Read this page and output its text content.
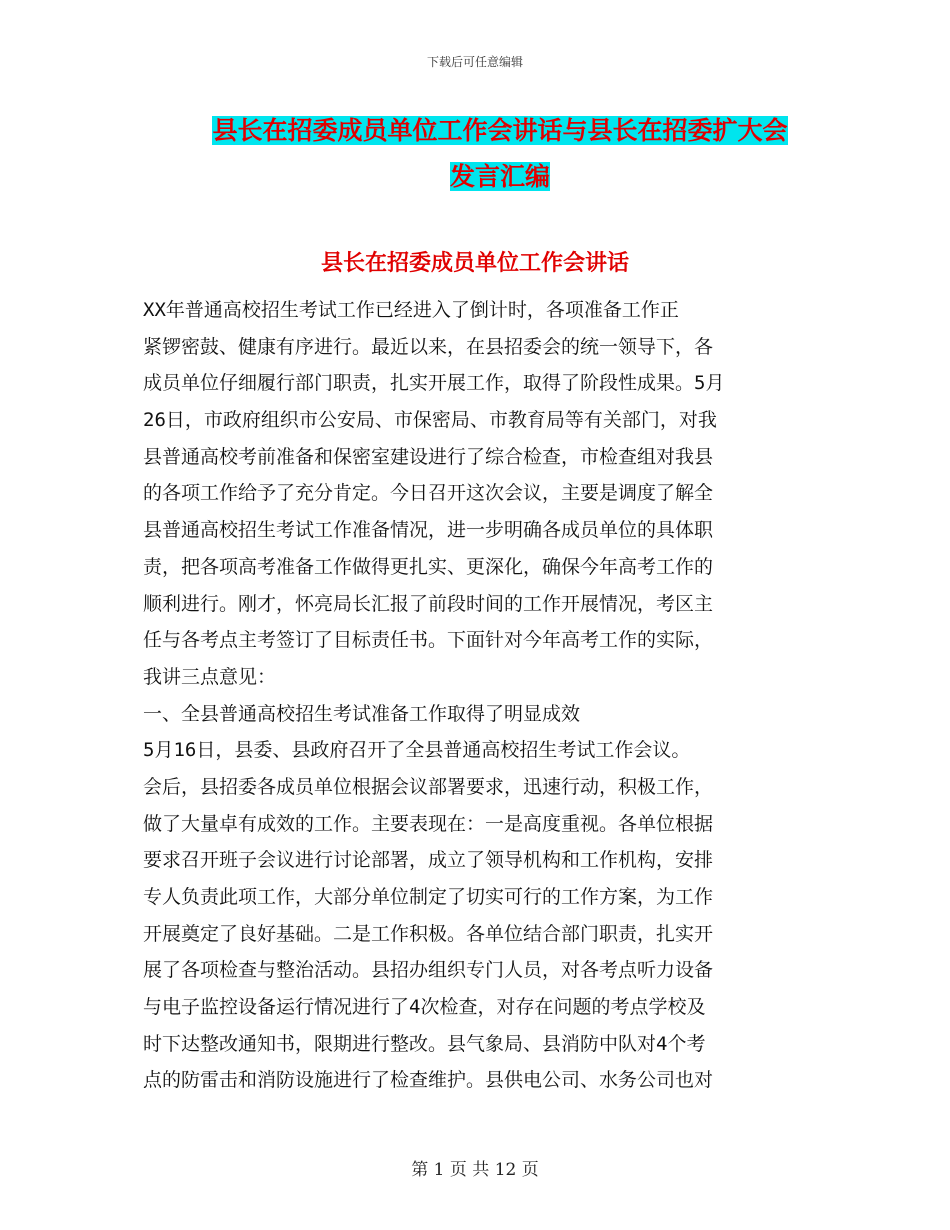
下载后可任意编辑
县长在招委成员单位工作会讲话与县长在招委扩大会
发言汇编
县长在招委成员单位工作会讲话
XX年普通高校招生考试工作已经进入了倒计时，各项准备工作正
紧锣密鼓、健康有序进行。最近以来，在县招委会的统一领导下，各
成员单位仔细履行部门职责，扎实开展工作，取得了阶段性成果。5月
26日，市政府组织市公安局、市保密局、市教育局等有关部门，对我
县普通高校考前准备和保密室建设进行了综合检查，市检查组对我县
的各项工作给予了充分肯定。今日召开这次会议，主要是调度了解全
县普通高校招生考试工作准备情况，进一步明确各成员单位的具体职
责，把各项高考准备工作做得更扎实、更深化，确保今年高考工作的
顺利进行。刚才，怀亮局长汇报了前段时间的工作开展情况，考区主
任与各考点主考签订了目标责任书。下面针对今年高考工作的实际，
我讲三点意见：
一、全县普通高校招生考试准备工作取得了明显成效
5月16日，县委、县政府召开了全县普通高校招生考试工作会议。
会后，县招委各成员单位根据会议部署要求，迅速行动，积极工作，
做了大量卓有成效的工作。主要表现在：一是高度重视。各单位根据
要求召开班子会议进行讨论部署，成立了领导机构和工作机构，安排
专人负责此项工作，大部分单位制定了切实可行的工作方案，为工作
开展奠定了良好基础。二是工作积极。各单位结合部门职责，扎实开
展了各项检查与整治活动。县招办组织专门人员，对各考点听力设备
与电子监控设备运行情况进行了4次检查，对存在问题的考点学校及
时下达整改通知书，限期进行整改。县气象局、县消防中队对4个考
点的防雷击和消防设施进行了检查维护。县供电公司、水务公司也对
第 1 页 共 12 页
